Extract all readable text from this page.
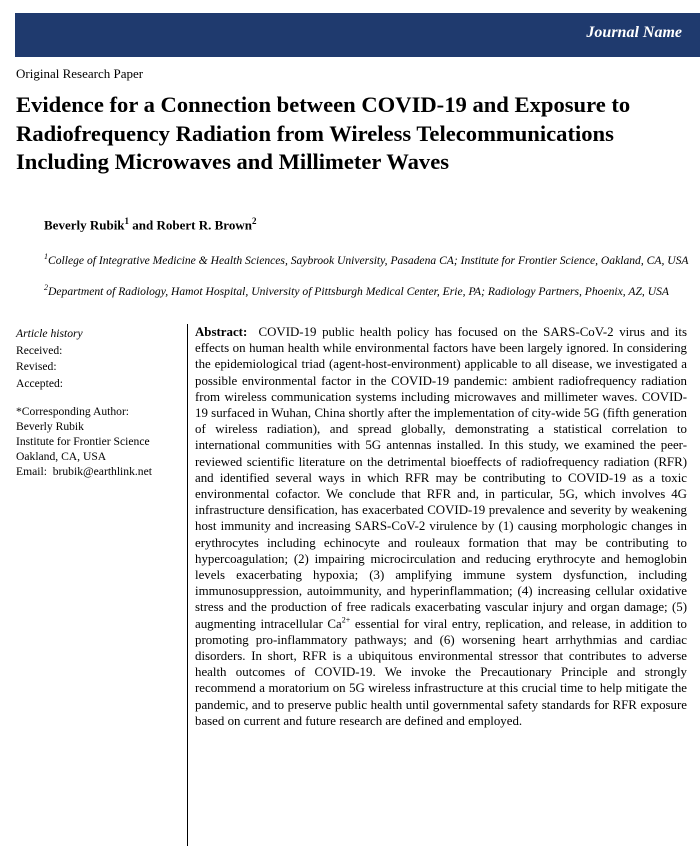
Journal Name
Original Research Paper
Evidence for a Connection between COVID-19 and Exposure to Radiofrequency Radiation from Wireless Telecommunications Including Microwaves and Millimeter Waves
Beverly Rubik$^1$ and Robert R. Brown$^2$
$^1$College of Integrative Medicine & Health Sciences, Saybrook University, Pasadena CA; Institute for Frontier Science, Oakland, CA, USA
$^2$Department of Radiology, Hamot Hospital, University of Pittsburgh Medical Center, Erie, PA; Radiology Partners, Phoenix, AZ, USA
Article history
Received:
Revised:
Accepted:
*Corresponding Author:
Beverly Rubik
Institute for Frontier Science
Oakland, CA, USA
Email: brubik@earthlink.net

Abstract: COVID-19 public health policy has focused on the SARS-CoV-2 virus and its effects on human health while environmental factors have been largely ignored. In considering the epidemiological triad (agent-host-environment) applicable to all disease, we investigated a possible environmental factor in the COVID-19 pandemic: ambient radiofrequency radiation from wireless communication systems including microwaves and millimeter waves. COVID-19 surfaced in Wuhan, China shortly after the implementation of city-wide 5G (fifth generation of wireless radiation), and spread globally, demonstrating a statistical correlation to international communities with 5G antennas installed. In this study, we examined the peer-reviewed scientific literature on the detrimental bioeffects of radiofrequency radiation (RFR) and identified several ways in which RFR may be contributing to COVID-19 as a toxic environmental cofactor. We conclude that RFR and, in particular, 5G, which involves 4G infrastructure densification, has exacerbated COVID-19 prevalence and severity by weakening host immunity and increasing SARS-CoV-2 virulence by (1) causing morphologic changes in erythrocytes including echinocyte and rouleaux formation that may be contributing to hypercoagulation; (2) impairing microcirculation and reducing erythrocyte and hemoglobin levels exacerbating hypoxia; (3) amplifying immune system dysfunction, including immunosuppression, autoimmunity, and hyperinflammation; (4) increasing cellular oxidative stress and the production of free radicals exacerbating vascular injury and organ damage; (5) augmenting intracellular $Ca^{2+}$ essential for viral entry, replication, and release, in addition to promoting pro-inflammatory pathways; and (6) worsening heart arrhythmias and cardiac disorders. In short, RFR is a ubiquitous environmental stressor that contributes to adverse health outcomes of COVID-19. We invoke the Precautionary Principle and strongly recommend a moratorium on 5G wireless infrastructure at this crucial time to help mitigate the pandemic, and to preserve public health until governmental safety standards for RFR exposure based on current and future research are defined and employed.
